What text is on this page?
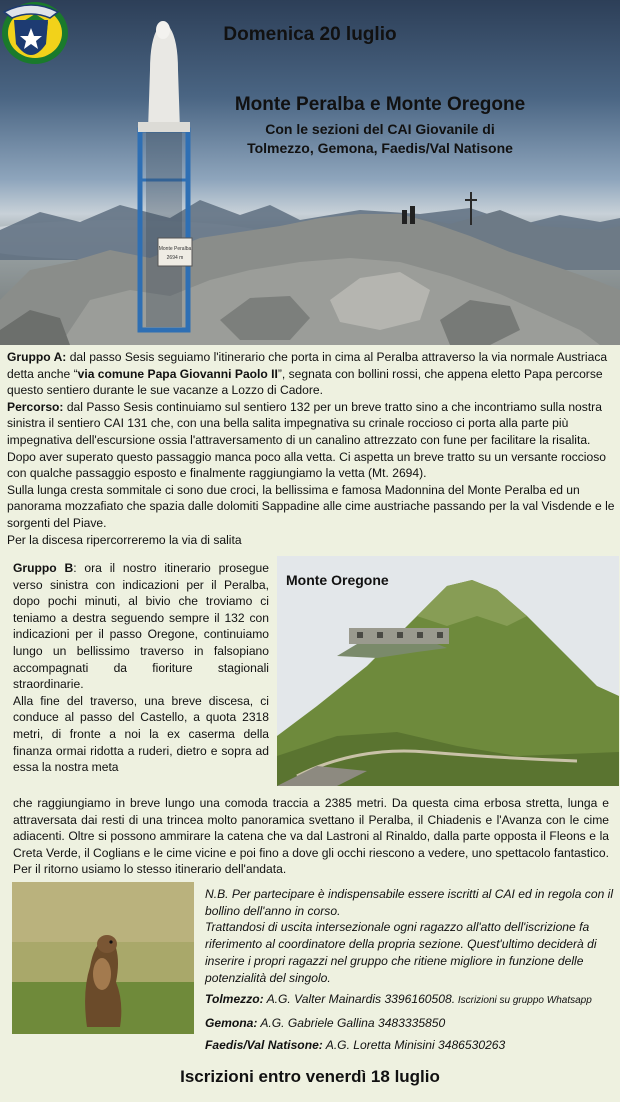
Monte Peralba
2694 m
Domenica 20 luglio
Monte Peralba e Monte Oregone
Con le sezioni del CAI Giovanile di
Tolmezzo, Gemona, Faedis/Val Natisone

Gruppo A: dal passo Sesis seguiamo l'itinerario che porta in cima al Peralba attraverso la via normale Austriaca detta anche “via comune Papa Giovanni Paolo II”, segnata con bollini rossi, che appena eletto Papa percorse questo sentiero durante le sue vacanze a Lozzo di Cadore.

Percorso: dal Passo Sesis continuiamo sul sentiero 132 per un breve tratto sino a che incontriamo sulla nostra sinistra il sentiero CAI 131 che, con una bella salita impegnativa su crinale roccioso ci porta alla parte più impegnativa dell'escursione ossia l'attraversamento di un canalino attrezzato con fune per facilitare la risalita. Dopo aver superato questo passaggio manca poco alla vetta. Ci aspetta un breve tratto su un versante roccioso con qualche passaggio esposto e finalmente raggiungiamo la vetta (Mt. 2694).

Sulla lunga cresta sommitale ci sono due croci, la bellissima e famosa Madonnina del Monte Peralba ed un panorama mozzafiato che spazia dalle dolomiti Sappadine alle cime austriache passando per la val Visdende e le sorgenti del Piave.

Per la discesa ripercorreremo la via di salita

Gruppo B: ora il nostro itinerario prosegue verso sinistra con indicazioni per il Peralba, dopo pochi minuti, al bivio che troviamo ci teniamo a destra seguendo sempre il 132 con indicazioni per il passo Oregone, continuiamo lungo un bellissimo traverso in falsopiano accompagnati da fioriture stagionali straordinarie.

Alla fine del traverso, una breve discesa, ci conduce al passo del Castello, a quota 2318 metri, di fronte a noi la ex caserma della finanza ormai ridotta a ruderi, dietro e sopra ad essa la nostra meta

Monte Oregone
che raggiungiamo in breve lungo una comoda traccia a 2385 metri. Da questa cima erbosa stretta, lunga e attraversata dai resti di una trincea molto panoramica svettano il Peralba, il Chiadenis e l'Avanza con le cime adiacenti. Oltre si possono ammirare la catena che va dal Lastroni al Rinaldo, dalla parte opposta il Fleons e la Creta Verde, il Coglians e le cime vicine e poi fino a dove gli occhi riescono a vedere, uno spettacolo fantastico. Per il ritorno usiamo lo stesso itinerario dell'andata.

N.B. Per partecipare è indispensabile essere iscritti al CAI ed in regola con il bollino dell'anno in corso.

Trattandosi di uscita intersezionale ogni ragazzo all'atto dell'iscrizione fa riferimento al coordinatore della propria sezione. Quest'ultimo deciderà di inserire i propri ragazzi nel gruppo che ritiene migliore in funzione delle potenzialità del singolo.

Tolmezzo: A.G. Valter Mainardis 3396160508. Iscrizioni su gruppo Whatsapp

Gemona: A.G. Gabriele Gallina 3483335850

Faedis/Val Natisone: A.G. Loretta Minisini 3486530263

Iscrizioni entro venerdì 18 luglio
